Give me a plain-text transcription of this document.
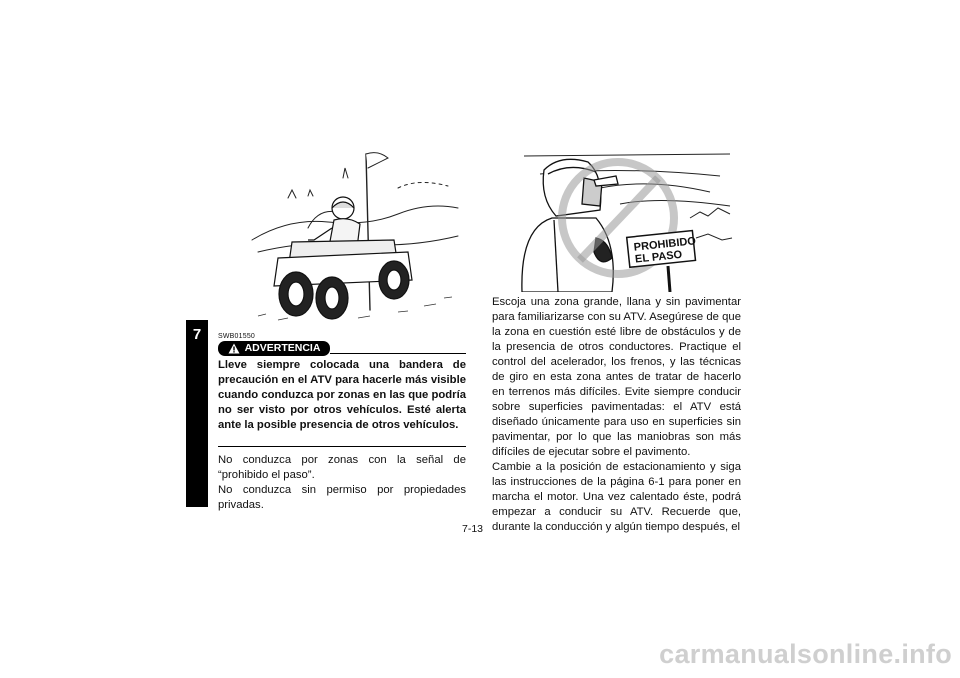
7
PROHIBIDO
EL PASO
SWB01550
ADVERTENCIA
Lleve siempre colocada una bandera de precaución en el ATV para hacerle más visible cuando conduzca por zonas en las que podría no ser visto por otros vehículos. Esté alerta ante la posible presencia de otros vehículos.

No conduzca por zonas con la señal de “prohibido el paso”.

No conduzca sin permiso por propiedades privadas.

Escoja una zona grande, llana y sin pavimentar para familiarizarse con su ATV. Asegúrese de que la zona en cuestión esté libre de obstáculos y de la presencia de otros conductores. Practique el control del acelerador, los frenos, y las técnicas de giro en esta zona antes de tratar de hacerlo en terrenos más difíciles. Evite siempre conducir sobre superficies pavimentadas: el ATV está diseñado únicamente para uso en superficies sin pavimentar, por lo que las maniobras son más difíciles de ejecutar sobre el pavimento.

Cambie a la posición de estacionamiento y siga las instrucciones de la página 6-1 para poner en marcha el motor. Una vez calentado éste, podrá empezar a conducir su ATV. Recuerde que, durante la conducción y algún tiempo después, el

7-13
carmanualsonline.info
